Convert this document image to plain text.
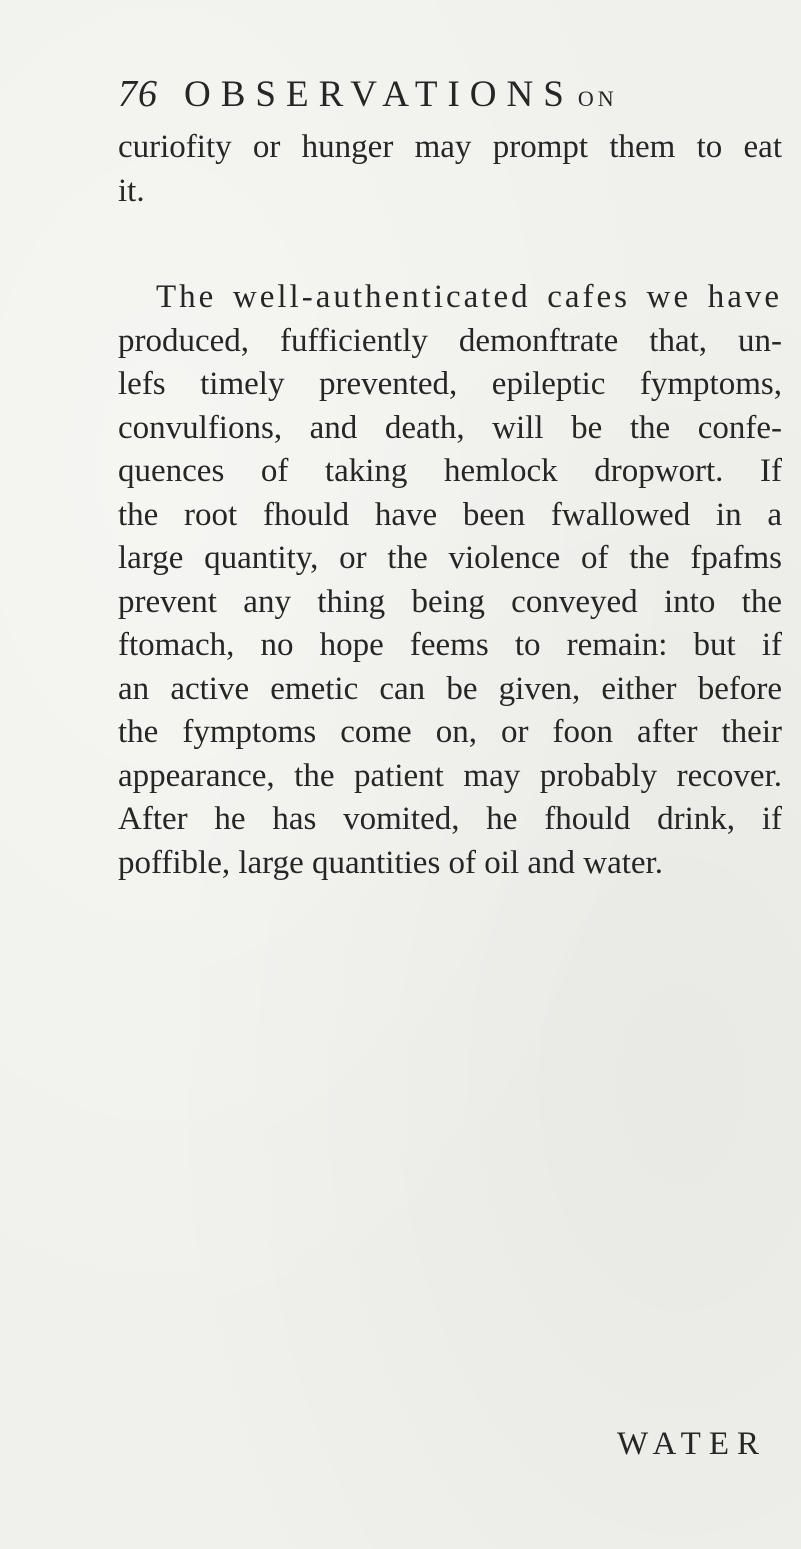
76 OBSERVATIONS ON
curiofity or hunger may prompt them to eat
it.
The well-authenticated cafes we have
produced, fufficiently demonftrate that, un-
lefs timely prevented, epileptic fymptoms,
convulfions, and death, will be the confe-
quences of taking hemlock dropwort. If
the root fhould have been fwallowed in a
large quantity, or the violence of the fpafms
prevent any thing being conveyed into the
ftomach, no hope feems to remain: but if
an active emetic can be given, either before
the fymptoms come on, or foon after their
appearance, the patient may probably recover.
After he has vomited, he fhould drink, if
poffible, large quantities of oil and water.
WATER
